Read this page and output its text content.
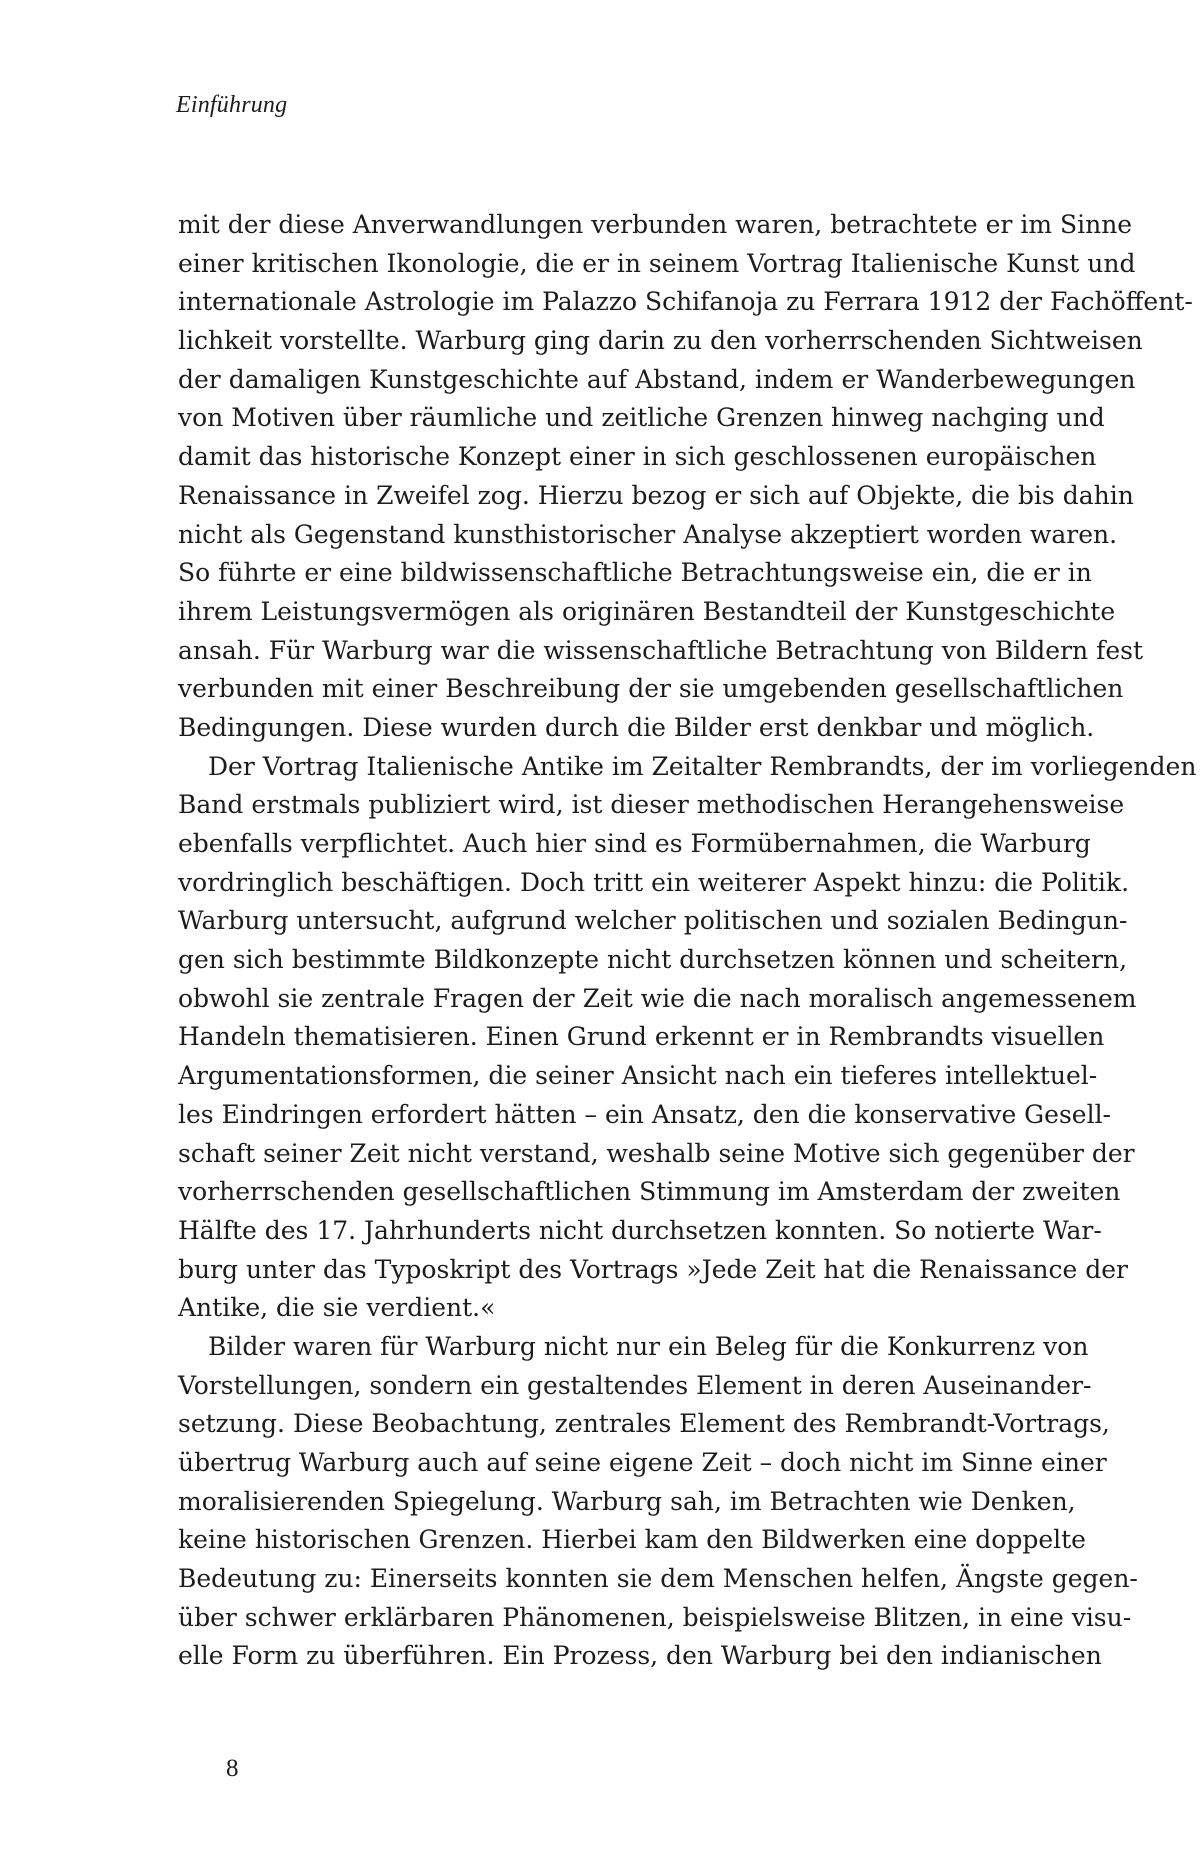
Einführung
mit der diese Anverwandlungen verbunden waren, betrachtete er im Sinne
einer kritischen Ikonologie, die er in seinem Vortrag Italienische Kunst und
internationale Astrologie im Palazzo Schifanoja zu Ferrara 1912 der Fachöffent-
lichkeit vorstellte. Warburg ging darin zu den vorherrschenden Sichtweisen
der damaligen Kunstgeschichte auf Abstand, indem er Wanderbewegungen
von Motiven über räumliche und zeitliche Grenzen hinweg nachging und
damit das historische Konzept einer in sich geschlossenen europäischen
Renaissance in Zweifel zog. Hierzu bezog er sich auf Objekte, die bis dahin
nicht als Gegenstand kunsthistorischer Analyse akzeptiert worden waren.
So führte er eine bildwissenschaftliche Betrachtungsweise ein, die er in
ihrem Leistungsvermögen als originären Bestandteil der Kunstgeschichte
ansah. Für Warburg war die wissenschaftliche Betrachtung von Bildern fest
verbunden mit einer Beschreibung der sie umgebenden gesellschaftlichen
Bedingungen. Diese wurden durch die Bilder erst denkbar und möglich.
Der Vortrag Italienische Antike im Zeitalter Rembrandts, der im vorliegenden
Band erstmals publiziert wird, ist dieser methodischen Herangehensweise
ebenfalls verpflichtet. Auch hier sind es Formübernahmen, die Warburg
vordringlich beschäftigen. Doch tritt ein weiterer Aspekt hinzu: die Politik.
Warburg untersucht, aufgrund welcher politischen und sozialen Bedingun-
gen sich bestimmte Bildkonzepte nicht durchsetzen können und scheitern,
obwohl sie zentrale Fragen der Zeit wie die nach moralisch angemessenem
Handeln thematisieren. Einen Grund erkennt er in Rembrandts visuellen
Argumentationsformen, die seiner Ansicht nach ein tieferes intellektuel-
les Eindringen erfordert hätten – ein Ansatz, den die konservative Gesell-
schaft seiner Zeit nicht verstand, weshalb seine Motive sich gegenüber der
vorherrschenden gesellschaftlichen Stimmung im Amsterdam der zweiten
Hälfte des 17. Jahrhunderts nicht durchsetzen konnten. So notierte War-
burg unter das Typoskript des Vortrags »Jede Zeit hat die Renaissance der
Antike, die sie verdient.«
Bilder waren für Warburg nicht nur ein Beleg für die Konkurrenz von
Vorstellungen, sondern ein gestaltendes Element in deren Auseinander-
setzung. Diese Beobachtung, zentrales Element des Rembrandt-Vortrags,
übertrug Warburg auch auf seine eigene Zeit – doch nicht im Sinne einer
moralisierenden Spiegelung. Warburg sah, im Betrachten wie Denken,
keine historischen Grenzen. Hierbei kam den Bildwerken eine doppelte
Bedeutung zu: Einerseits konnten sie dem Menschen helfen, Ängste gegen-
über schwer erklärbaren Phänomenen, beispielsweise Blitzen, in eine visu-
elle Form zu überführen. Ein Prozess, den Warburg bei den indianischen
8
